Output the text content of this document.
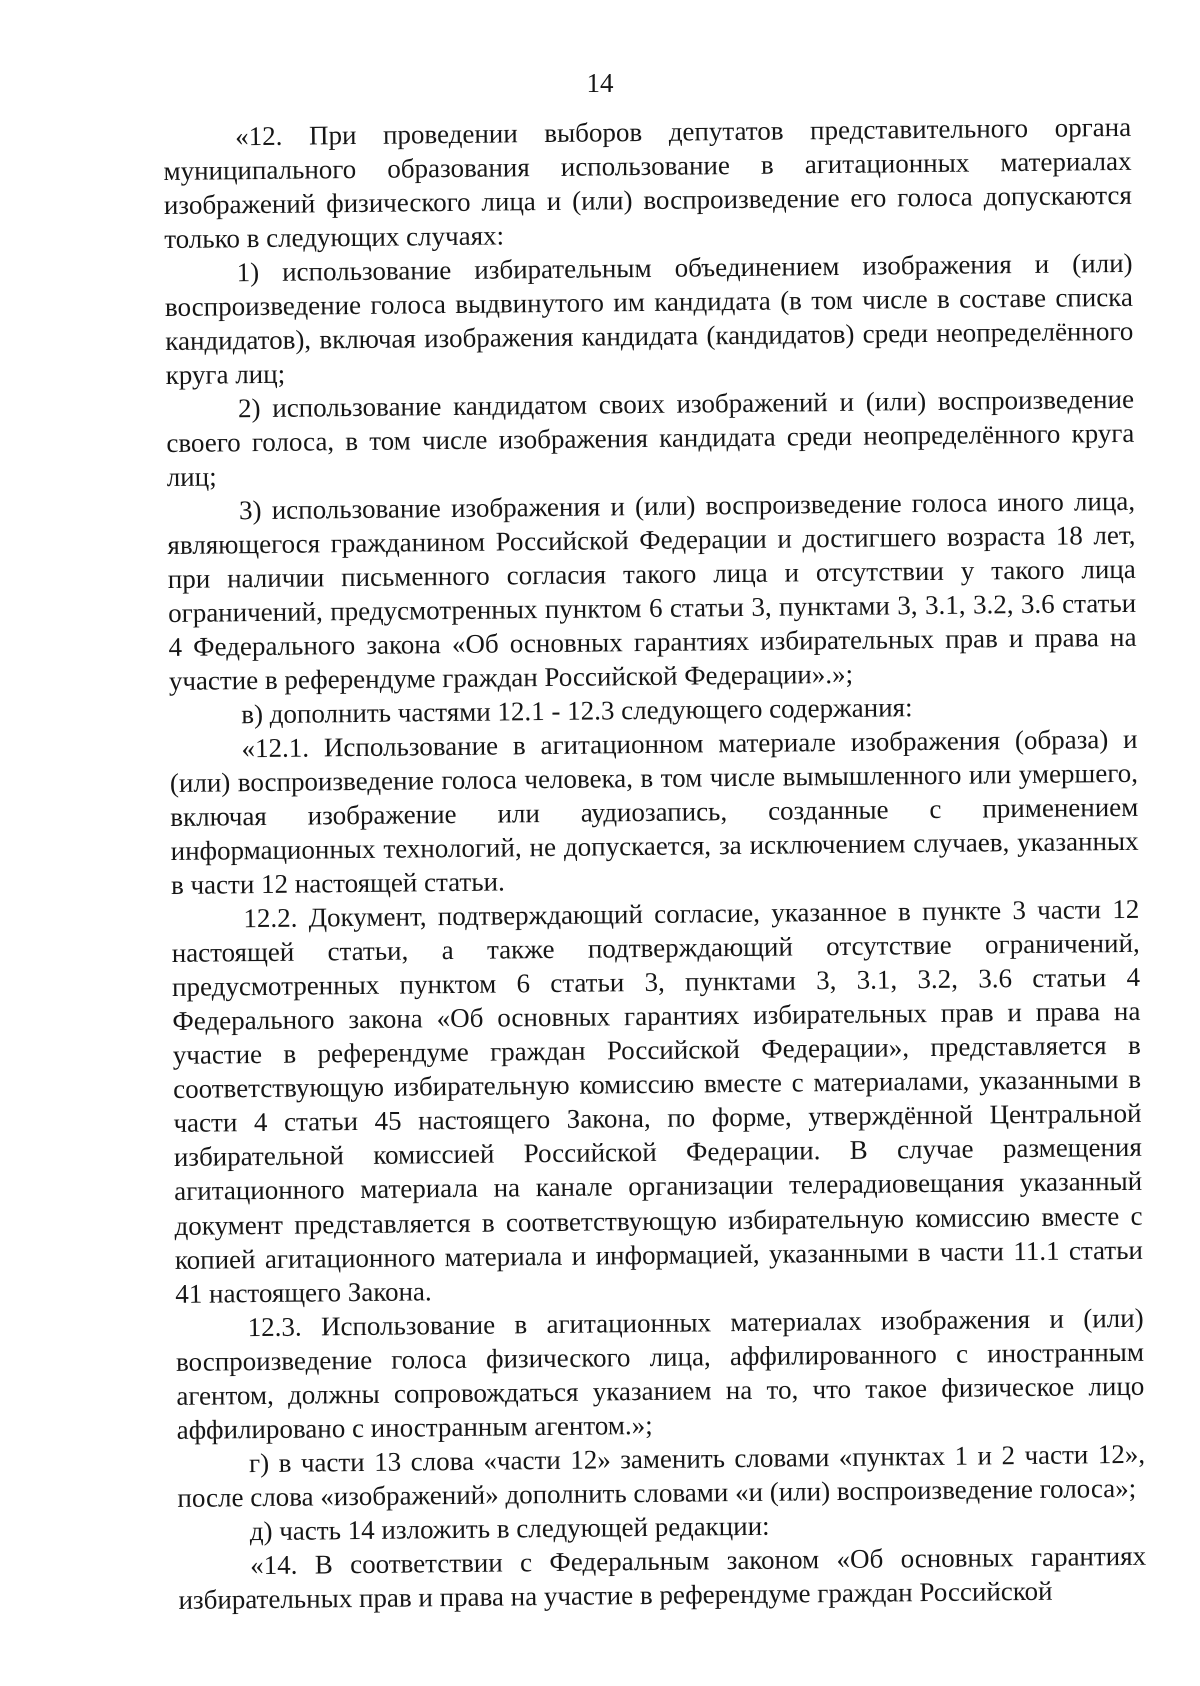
14

«12. При проведении выборов депутатов представительного органа муниципального образования использование в агитационных материалах изображений физического лица и (или) воспроизведение его голоса допускаются только в следующих случаях:

1) использование избирательным объединением изображения и (или) воспроизведение голоса выдвинутого им кандидата (в том числе в составе списка кандидатов), включая изображения кандидата (кандидатов) среди неопределённого круга лиц;

2) использование кандидатом своих изображений и (или) воспроизведение своего голоса, в том числе изображения кандидата среди неопределённого круга лиц;

3) использование изображения и (или) воспроизведение голоса иного лица, являющегося гражданином Российской Федерации и достигшего возраста 18 лет, при наличии письменного согласия такого лица и отсутствии у такого лица ограничений, предусмотренных пунктом 6 статьи 3, пунктами 3, 3.1, 3.2, 3.6 статьи 4 Федерального закона «Об основных гарантиях избирательных прав и права на участие в референдуме граждан Российской Федерации».»;

в) дополнить частями 12.1 - 12.3 следующего содержания:

«12.1. Использование в агитационном материале изображения (образа) и (или) воспроизведение голоса человека, в том числе вымышленного или умершего, включая изображение или аудиозапись, созданные с применением информационных технологий, не допускается, за исключением случаев, указанных в части 12 настоящей статьи.

12.2. Документ, подтверждающий согласие, указанное в пункте 3 части 12 настоящей статьи, а также подтверждающий отсутствие ограничений, предусмотренных пунктом 6 статьи 3, пунктами 3, 3.1, 3.2, 3.6 статьи 4 Федерального закона «Об основных гарантиях избирательных прав и права на участие в референдуме граждан Российской Федерации», представляется в соответствующую избирательную комиссию вместе с материалами, указанными в части 4 статьи 45 настоящего Закона, по форме, утверждённой Центральной избирательной комиссией Российской Федерации. В случае размещения агитационного материала на канале организации телерадиовещания указанный документ представляется в соответствующую избирательную комиссию вместе с копией агитационного материала и информацией, указанными в части 11.1 статьи 41 настоящего Закона.

12.3. Использование в агитационных материалах изображения и (или) воспроизведение голоса физического лица, аффилированного с иностранным агентом, должны сопровождаться указанием на то, что такое физическое лицо аффилировано с иностранным агентом.»;

г) в части 13 слова «части 12» заменить словами «пунктах 1 и 2 части 12», после слова «изображений» дополнить словами «и (или) воспроизведение голоса»;

д) часть 14 изложить в следующей редакции:

«14. В соответствии с Федеральным законом «Об основных гарантиях избирательных прав и права на участие в референдуме граждан Российской
